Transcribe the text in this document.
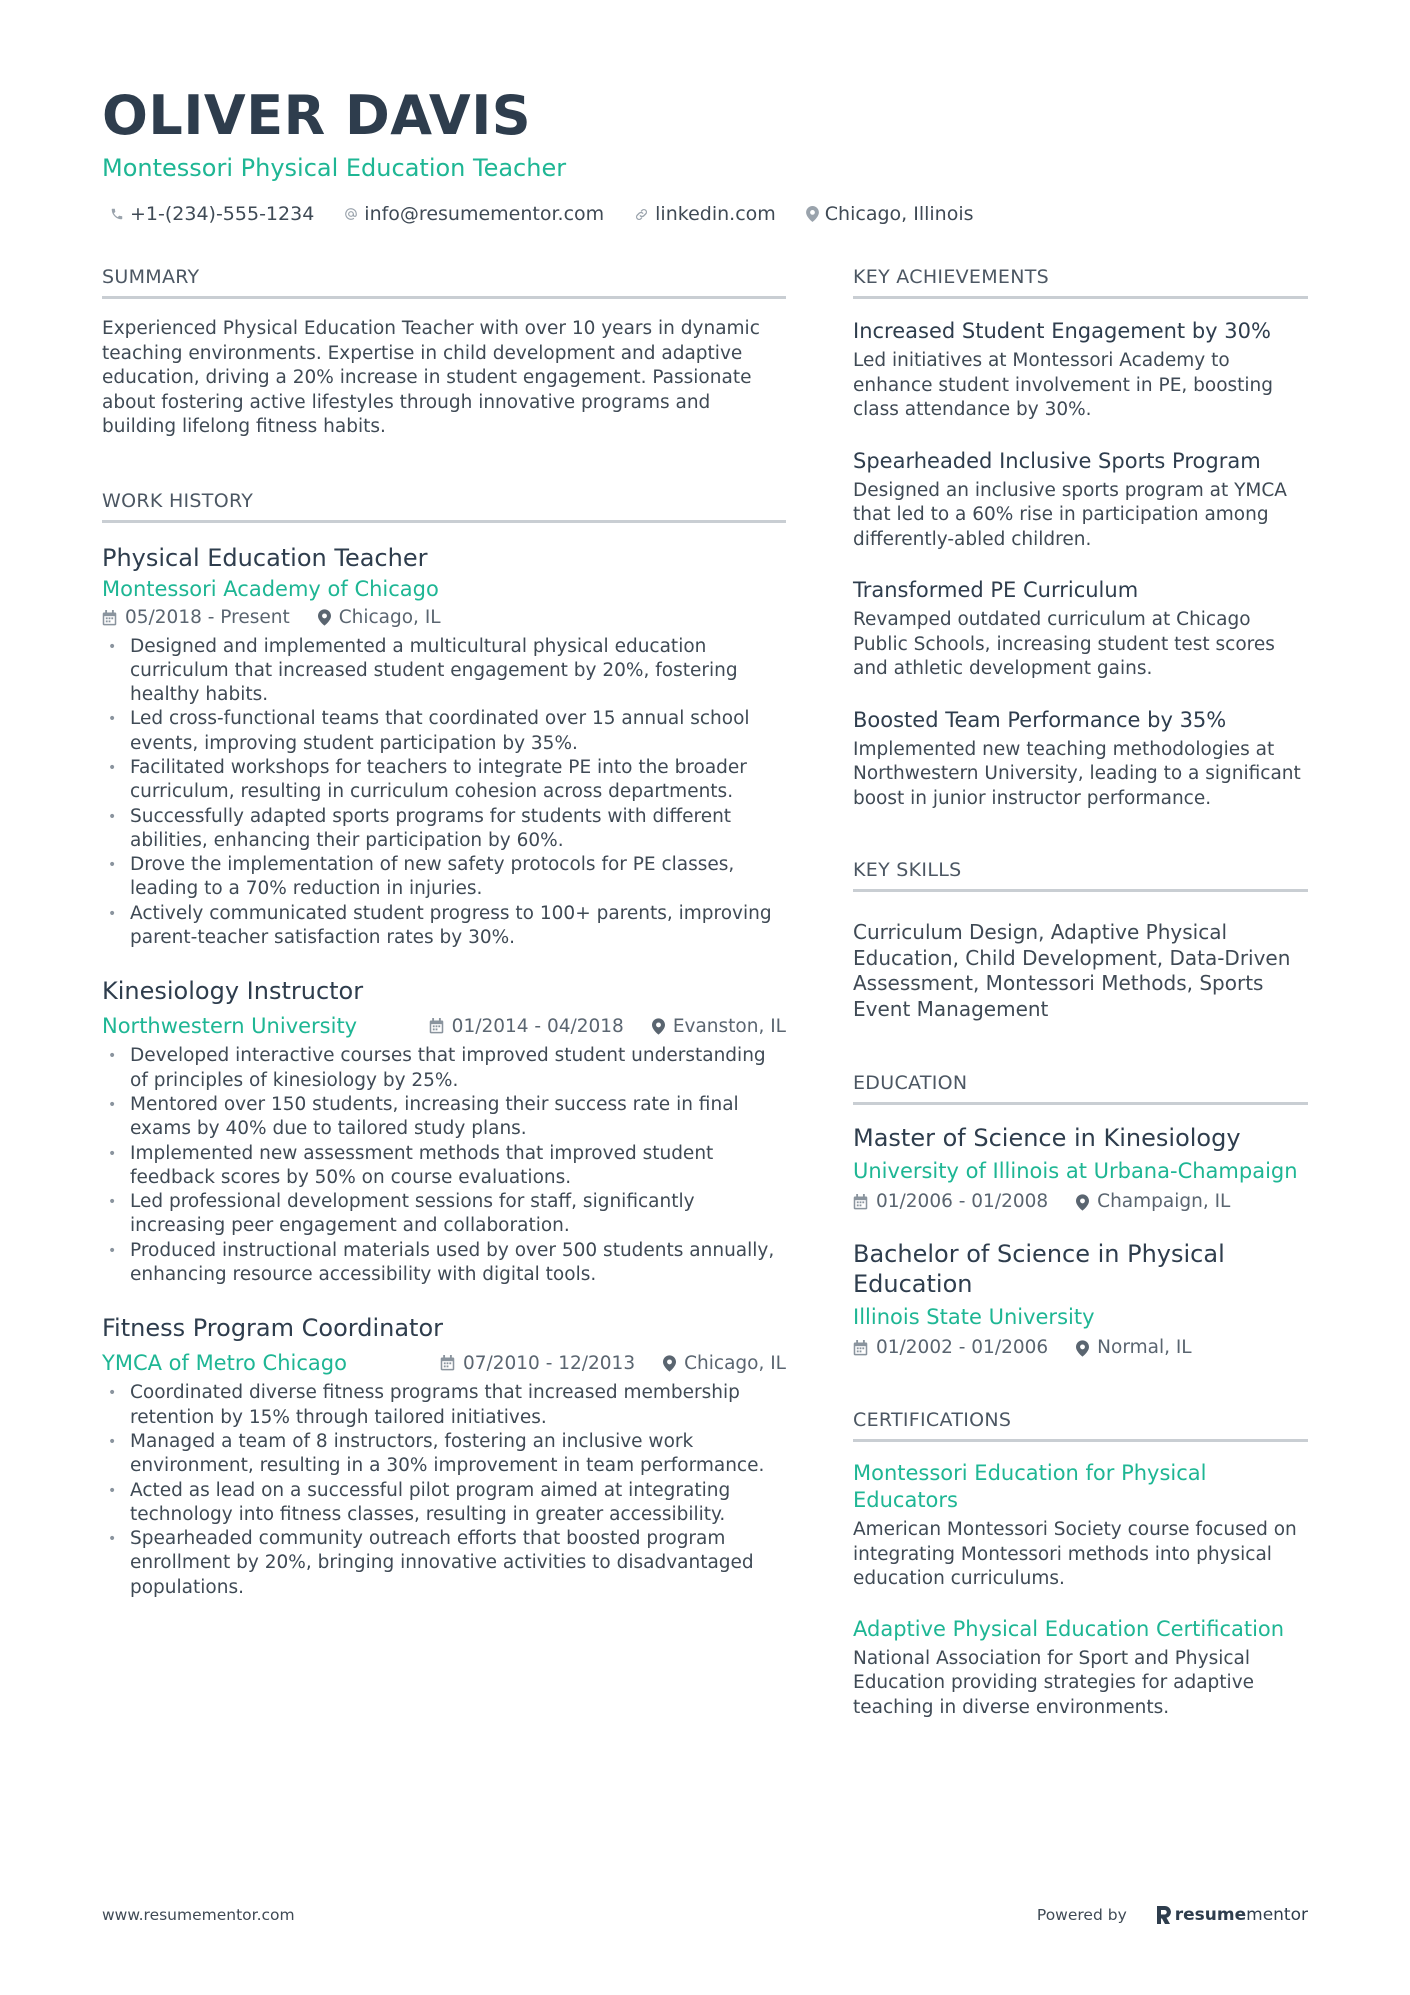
OLIVER DAVIS
Montessori Physical Education Teacher
+1-(234)-555-1234	info@resumementor.com	linkedin.com	Chicago, Illinois
SUMMARY

Experienced Physical Education Teacher with over 10 years in dynamic teaching environments. Expertise in child development and adaptive education, driving a 20% increase in student engagement. Passionate about fostering active lifestyles through innovative programs and building lifelong fitness habits.

WORK HISTORY
Physical Education Teacher
Montessori Academy of Chicago
05/2018 - Present	Chicago, IL
• Designed and implemented a multicultural physical education curriculum that increased student engagement by 20%, fostering healthy habits.
• Led cross-functional teams that coordinated over 15 annual school events, improving student participation by 35%.
• Facilitated workshops for teachers to integrate PE into the broader curriculum, resulting in curriculum cohesion across departments.
• Successfully adapted sports programs for students with different abilities, enhancing their participation by 60%.
• Drove the implementation of new safety protocols for PE classes, leading to a 70% reduction in injuries.
• Actively communicated student progress to 100+ parents, improving parent-teacher satisfaction rates by 30%.
Kinesiology Instructor
Northwestern University	01/2014 - 04/2018	Evanston, IL
• Developed interactive courses that improved student understanding of principles of kinesiology by 25%.
• Mentored over 150 students, increasing their success rate in final exams by 40% due to tailored study plans.
• Implemented new assessment methods that improved student feedback scores by 50% on course evaluations.
• Led professional development sessions for staff, significantly increasing peer engagement and collaboration.
• Produced instructional materials used by over 500 students annually, enhancing resource accessibility with digital tools.
Fitness Program Coordinator
YMCA of Metro Chicago	07/2010 - 12/2013	Chicago, IL
• Coordinated diverse fitness programs that increased membership retention by 15% through tailored initiatives.
• Managed a team of 8 instructors, fostering an inclusive work environment, resulting in a 30% improvement in team performance.
• Acted as lead on a successful pilot program aimed at integrating technology into fitness classes, resulting in greater accessibility.
• Spearheaded community outreach efforts that boosted program enrollment by 20%, bringing innovative activities to disadvantaged populations.
KEY ACHIEVEMENTS
Increased Student Engagement by 30%
Led initiatives at Montessori Academy to enhance student involvement in PE, boosting class attendance by 30%.
Spearheaded Inclusive Sports Program
Designed an inclusive sports program at YMCA that led to a 60% rise in participation among differently-abled children.
Transformed PE Curriculum
Revamped outdated curriculum at Chicago Public Schools, increasing student test scores and athletic development gains.
Boosted Team Performance by 35%
Implemented new teaching methodologies at Northwestern University, leading to a significant boost in junior instructor performance.
KEY SKILLS

Curriculum Design, Adaptive Physical Education, Child Development, Data-Driven Assessment, Montessori Methods, Sports Event Management

EDUCATION
Master of Science in Kinesiology
University of Illinois at Urbana-Champaign
01/2006 - 01/2008	Champaign, IL
Bachelor of Science in Physical Education
Illinois State University
01/2002 - 01/2006	Normal, IL
CERTIFICATIONS
Montessori Education for Physical Educators
American Montessori Society course focused on integrating Montessori methods into physical education curriculums.
Adaptive Physical Education Certification
National Association for Sport and Physical Education providing strategies for adaptive teaching in diverse environments.
www.resumementor.com	Powered by	resume mentor
